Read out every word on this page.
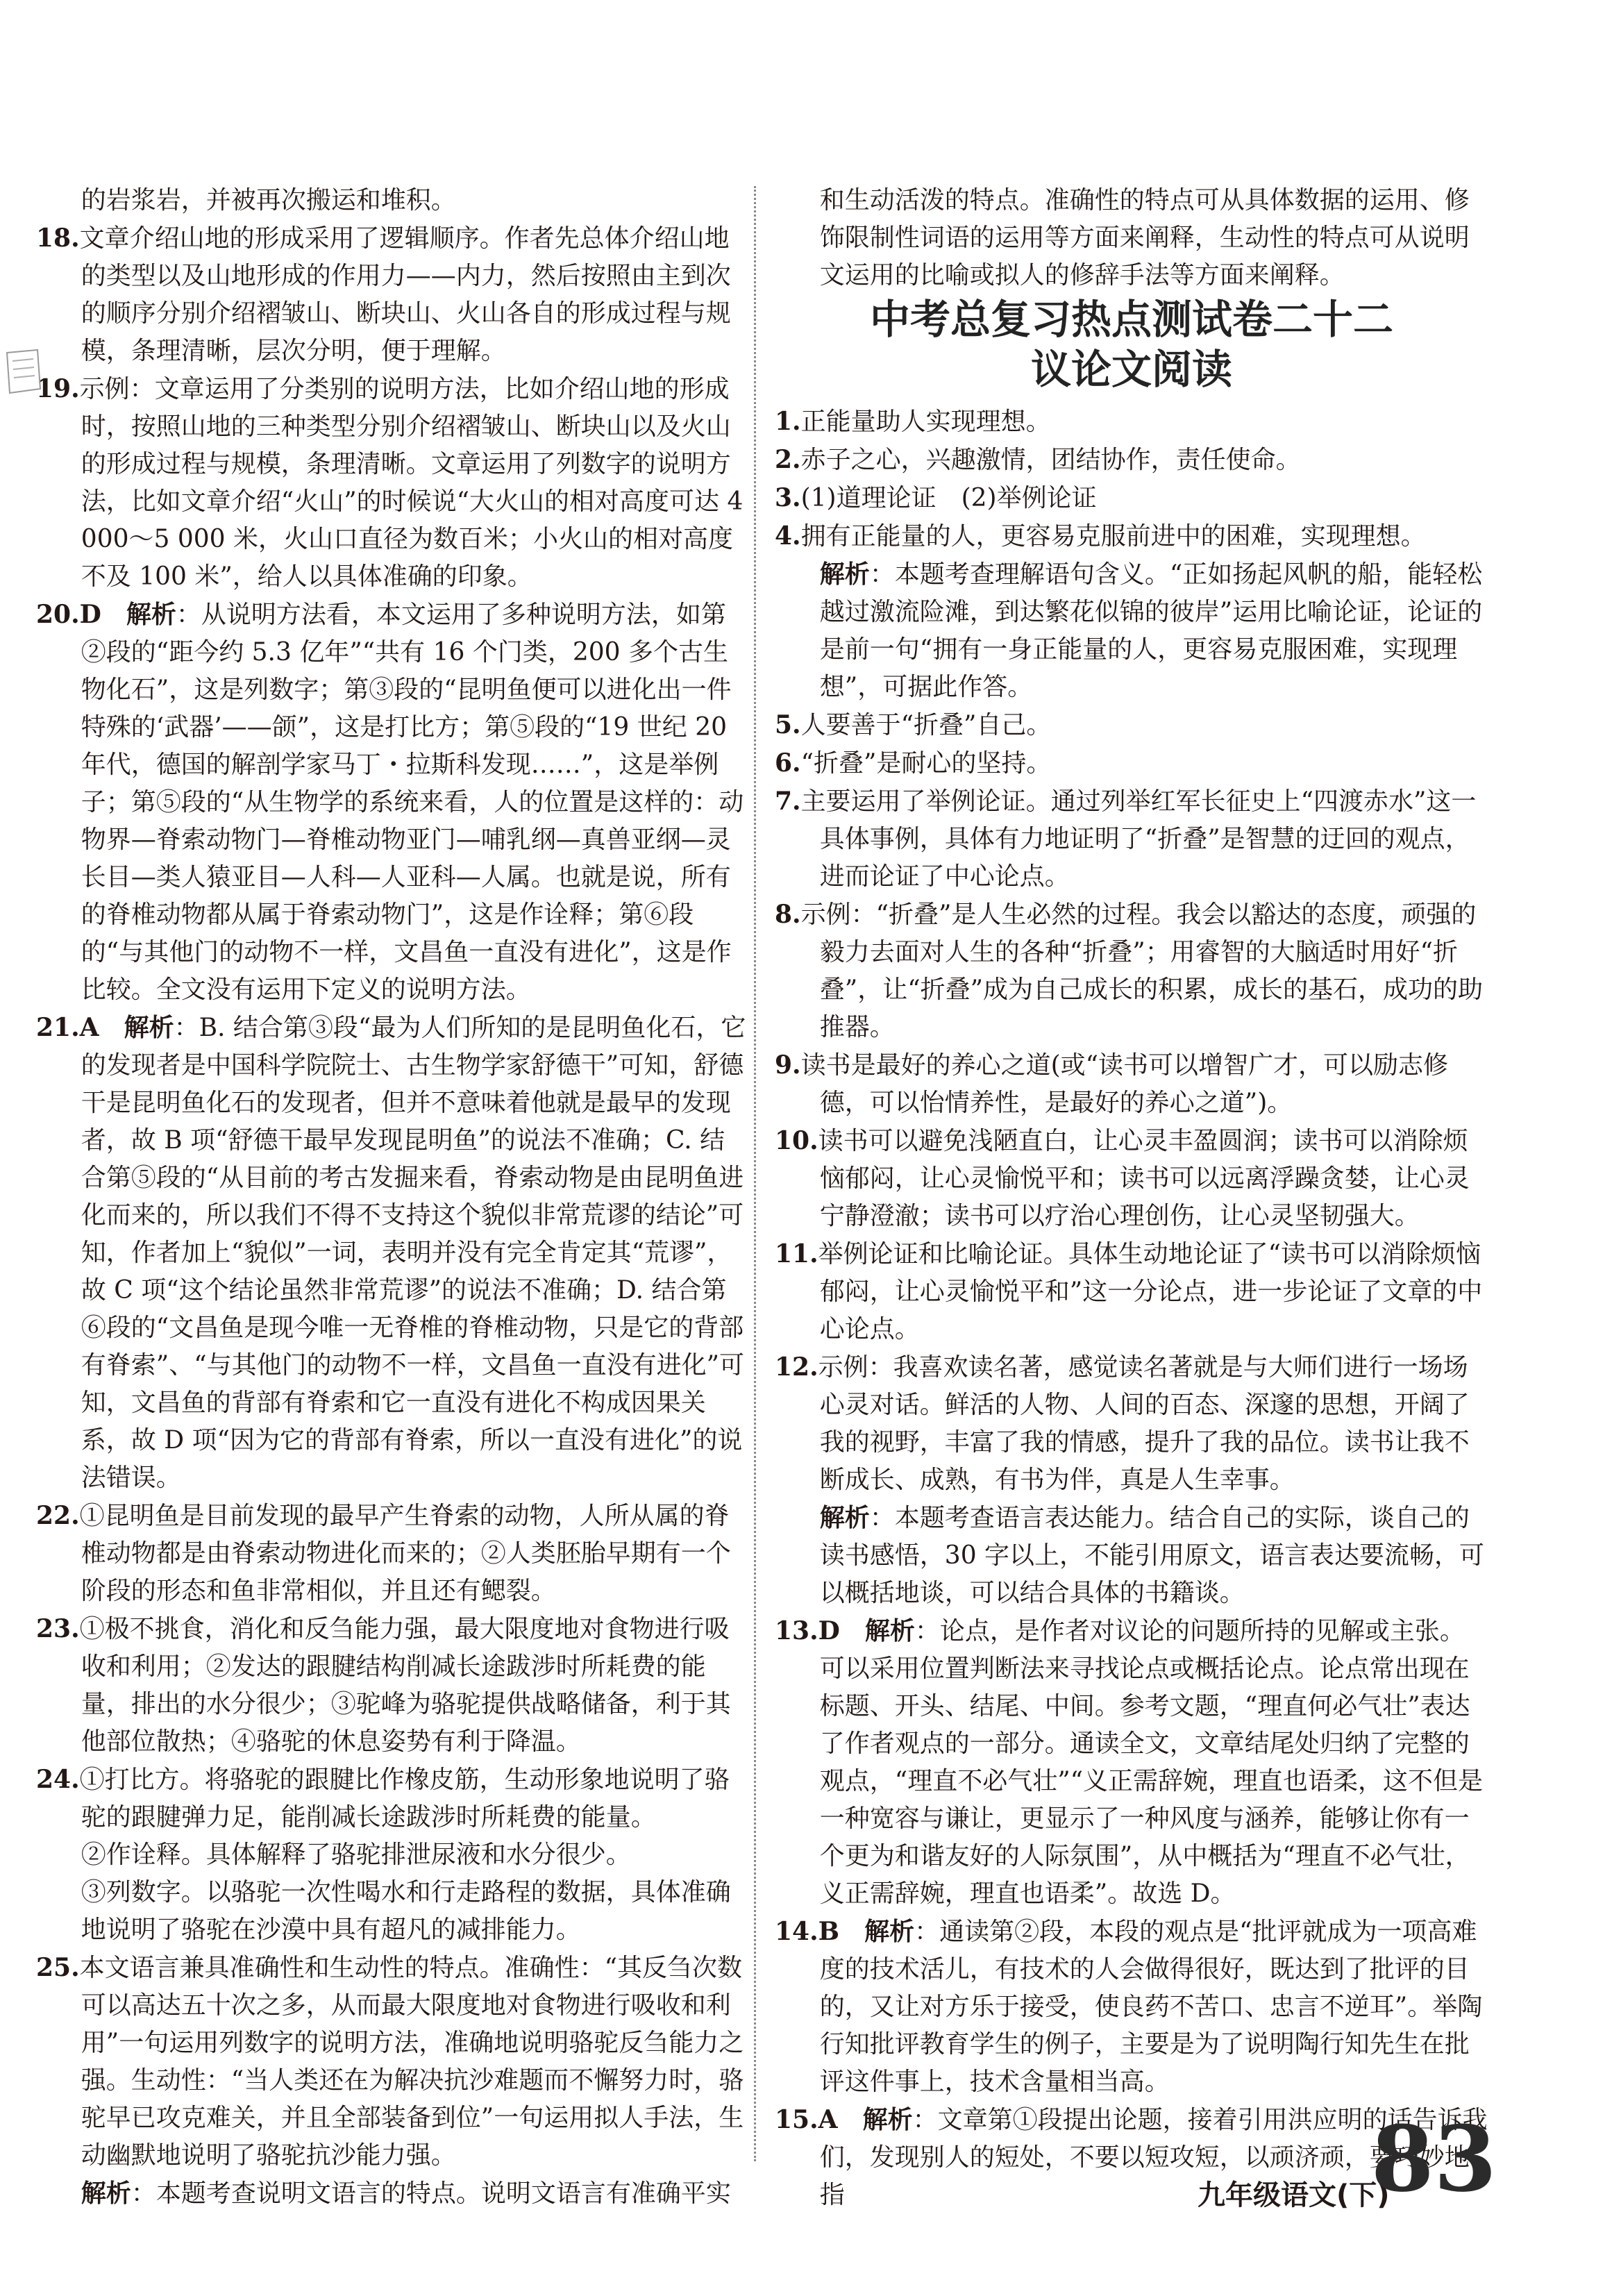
的岩浆岩，并被再次搬运和堆积。

18.文章介绍山地的形成采用了逻辑顺序。作者先总体介绍山地的类型以及山地形成的作用力——内力，然后按照由主到次的顺序分别介绍褶皱山、断块山、火山各自的形成过程与规模，条理清晰，层次分明，便于理解。

19.示例：文章运用了分类别的说明方法，比如介绍山地的形成时，按照山地的三种类型分别介绍褶皱山、断块山以及火山的形成过程与规模，条理清晰。文章运用了列数字的说明方法，比如文章介绍“火山”的时候说“大火山的相对高度可达 4 000～5 000 米，火山口直径为数百米；小火山的相对高度不及 100 米”，给人以具体准确的印象。

20.D  解析：从说明方法看，本文运用了多种说明方法，如第②段的“距今约 5.3 亿年”“共有 16 个门类，200 多个古生物化石”，这是列数字；第③段的“昆明鱼便可以进化出一件特殊的‘武器’——颌”，这是打比方；第⑤段的“19 世纪 20 年代，德国的解剖学家马丁・拉斯科发现……”，这是举例子；第⑤段的“从生物学的系统来看，人的位置是这样的：动物界—脊索动物门—脊椎动物亚门—哺乳纲—真兽亚纲—灵长目—类人猿亚目—人科—人亚科—人属。也就是说，所有的脊椎动物都从属于脊索动物门”，这是作诠释；第⑥段的“与其他门的动物不一样，文昌鱼一直没有进化”，这是作比较。全文没有运用下定义的说明方法。

21.A  解析：B. 结合第③段“最为人们所知的是昆明鱼化石，它的发现者是中国科学院院士、古生物学家舒德干”可知，舒德干是昆明鱼化石的发现者，但并不意味着他就是最早的发现者，故 B 项“舒德干最早发现昆明鱼”的说法不准确；C. 结合第⑤段的“从目前的考古发掘来看，脊索动物是由昆明鱼进化而来的，所以我们不得不支持这个貌似非常荒谬的结论”可知，作者加上“貌似”一词，表明并没有完全肯定其“荒谬”，故 C 项“这个结论虽然非常荒谬”的说法不准确；D. 结合第⑥段的“文昌鱼是现今唯一无脊椎的脊椎动物，只是它的背部有脊索”、“与其他门的动物不一样，文昌鱼一直没有进化”可知，文昌鱼的背部有脊索和它一直没有进化不构成因果关系，故 D 项“因为它的背部有脊索，所以一直没有进化”的说法错误。

22.①昆明鱼是目前发现的最早产生脊索的动物，人所从属的脊椎动物都是由脊索动物进化而来的；②人类胚胎早期有一个阶段的形态和鱼非常相似，并且还有鳃裂。

23.①极不挑食，消化和反刍能力强，最大限度地对食物进行吸收和利用；②发达的跟腱结构削减长途跋涉时所耗费的能量，排出的水分很少；③驼峰为骆驼提供战略储备，利于其他部位散热；④骆驼的休息姿势有利于降温。

24.①打比方。将骆驼的跟腱比作橡皮筋，生动形象地说明了骆驼的跟腱弹力足，能削减长途跋涉时所耗费的能量。

②作诠释。具体解释了骆驼排泄尿液和水分很少。

③列数字。以骆驼一次性喝水和行走路程的数据，具体准确地说明了骆驼在沙漠中具有超凡的减排能力。

25.本文语言兼具准确性和生动性的特点。准确性：“其反刍次数可以高达五十次之多，从而最大限度地对食物进行吸收和利用”一句运用列数字的说明方法，准确地说明骆驼反刍能力之强。生动性：“当人类还在为解决抗沙难题而不懈努力时，骆驼早已攻克难关，并且全部装备到位”一句运用拟人手法，生动幽默地说明了骆驼抗沙能力强。

解析：本题考查说明文语言的特点。说明文语言有准确平实

和生动活泼的特点。准确性的特点可从具体数据的运用、修饰限制性词语的运用等方面来阐释，生动性的特点可从说明文运用的比喻或拟人的修辞手法等方面来阐释。

中考总复习热点测试卷二十二
议论文阅读

1.正能量助人实现理想。

2.赤子之心，兴趣激情，团结协作，责任使命。

3.(1)道理论证　(2)举例论证

4.拥有正能量的人，更容易克服前进中的困难，实现理想。

解析：本题考查理解语句含义。“正如扬起风帆的船，能轻松越过激流险滩，到达繁花似锦的彼岸”运用比喻论证，论证的是前一句“拥有一身正能量的人，更容易克服困难，实现理想”，可据此作答。

5.人要善于“折叠”自己。

6.“折叠”是耐心的坚持。

7.主要运用了举例论证。通过列举红军长征史上“四渡赤水”这一具体事例，具体有力地证明了“折叠”是智慧的迂回的观点，进而论证了中心论点。

8.示例：“折叠”是人生必然的过程。我会以豁达的态度，顽强的毅力去面对人生的各种“折叠”；用睿智的大脑适时用好“折叠”，让“折叠”成为自己成长的积累，成长的基石，成功的助推器。

9.读书是最好的养心之道(或“读书可以增智广才，可以励志修德，可以怡情养性，是最好的养心之道”)。

10.读书可以避免浅陋直白，让心灵丰盈圆润；读书可以消除烦恼郁闷，让心灵愉悦平和；读书可以远离浮躁贪婪，让心灵宁静澄澈；读书可以疗治心理创伤，让心灵坚韧强大。

11.举例论证和比喻论证。具体生动地论证了“读书可以消除烦恼郁闷，让心灵愉悦平和”这一分论点，进一步论证了文章的中心论点。

12.示例：我喜欢读名著，感觉读名著就是与大师们进行一场场心灵对话。鲜活的人物、人间的百态、深邃的思想，开阔了我的视野，丰富了我的情感，提升了我的品位。读书让我不断成长、成熟，有书为伴，真是人生幸事。

解析：本题考查语言表达能力。结合自己的实际，谈自己的读书感悟，30 字以上，不能引用原文，语言表达要流畅，可以概括地谈，可以结合具体的书籍谈。

13.D  解析：论点，是作者对议论的问题所持的见解或主张。可以采用位置判断法来寻找论点或概括论点。论点常出现在标题、开头、结尾、中间。参考文题，“理直何必气壮”表达了作者观点的一部分。通读全文，文章结尾处归纳了完整的观点，“理直不必气壮”“义正需辞婉，理直也语柔，这不但是一种宽容与谦让，更显示了一种风度与涵养，能够让你有一个更为和谐友好的人际氛围”，从中概括为“理直不必气壮，义正需辞婉，理直也语柔”。故选 D。

14.B  解析：通读第②段，本段的观点是“批评就成为一项高难度的技术活儿，有技术的人会做得很好，既达到了批评的目的，又让对方乐于接受，使良药不苦口、忠言不逆耳”。举陶行知批评教育学生的例子，主要是为了说明陶行知先生在批评这件事上，技术含量相当高。

15.A  解析：文章第①段提出论题，接着引用洪应明的话告诉我们，发现别人的短处，不要以短攻短，以顽济顽，要巧妙地指	九年级语文(下)
83
